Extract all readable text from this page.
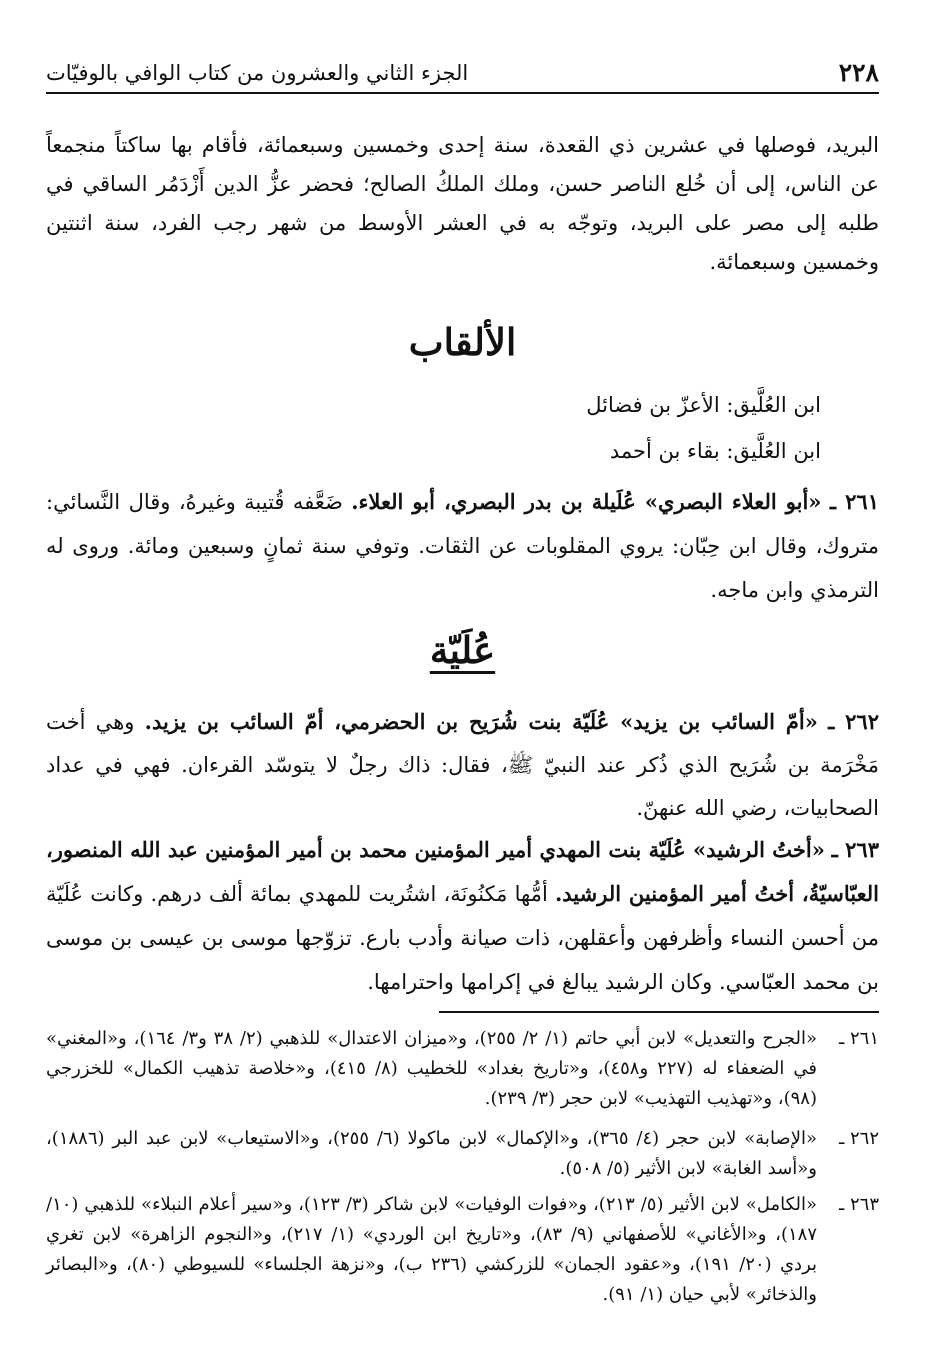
٢٢٨
الجزء الثاني والعشرون من كتاب الوافي بالوفيّات

البريد، فوصلها في عشرين ذي القعدة، سنة إحدى وخمسين وسبعمائة، فأقام بها ساكتاً منجمعاً عن الناس، إلى أن خُلع الناصر حسن، وملك الملكُ الصالح؛ فحضر عزُّ الدين أَزْدَمُر الساقي في طلبه إلى مصر على البريد، وتوجّه به في العشر الأوسط من شهر رجب الفرد، سنة اثنتين وخمسين وسبعمائة.

الألقاب

ابن العُلَّيق: الأعزّ بن فضائل

ابن العُلَّيق: بقاء بن أحمد

٢٦١ ـ «أبو العلاء البصري» عُلَيلة بن بدر البصري، أبو العلاء. ضَعَّفه قُتيبة وغيرهُ، وقال النَّسائي: متروك، وقال ابن حِبّان: يروي المقلوبات عن الثقات. وتوفي سنة ثمانٍ وسبعين ومائة. وروى له الترمذي وابن ماجه.

عُلَيّة

٢٦٢ ـ «أمّ السائب بن يزيد» عُلَيّة بنت شُرَيح بن الحضرمي، أمّ السائب بن يزيد. وهي أخت مَخْرَمة بن شُرَيح الذي ذُكر عند النبيّ ﷺ، فقال: ذاك رجلٌ لا يتوسّد القرءان. فهي في عداد الصحابيات، رضي الله عنهنّ.

٢٦٣ ـ «أختُ الرشيد» عُلَيّة بنت المهدي أمير المؤمنين محمد بن أمير المؤمنين عبد الله المنصور، العبّاسيّةُ، أختُ أمير المؤمنين الرشيد. أمُّها مَكنُونَة، اشتُريت للمهدي بمائة ألف درهم. وكانت عُلَيّة من أحسن النساء وأظرفهن وأعقلهن، ذات صيانة وأدب بارع. تزوّجها موسى بن عيسى بن موسى بن محمد العبّاسي. وكان الرشيد يبالغ في إكرامها واحترامها.

٢٦١ ـ
«الجرح والتعديل» لابن أبي حاتم (١/ ٢/ ٢٥٥)، و«ميزان الاعتدال» للذهبي (٢/ ٣٨ و٣/ ١٦٤)، و«المغني» في الضعفاء له (٢٢٧ و٤٥٨)، و«تاريخ بغداد» للخطيب (٨/ ٤١٥)، و«خلاصة تذهيب الكمال» للخزرجي (٩٨)، و«تهذيب التهذيب» لابن حجر (٣/ ٢٣٩).

٢٦٢ ـ
«الإصابة» لابن حجر (٤/ ٣٦٥)، و«الإكمال» لابن ماكولا (٦/ ٢٥٥)، و«الاستيعاب» لابن عبد البر (١٨٨٦)، و«أسد الغابة» لابن الأثير (٥/ ٥٠٨).

٢٦٣ ـ
«الكامل» لابن الأثير (٥/ ٢١٣)، و«فوات الوفيات» لابن شاكر (٣/ ١٢٣)، و«سير أعلام النبلاء» للذهبي (١٠/ ١٨٧)، و«الأغاني» للأصفهاني (٩/ ٨٣)، و«تاريخ ابن الوردي» (١/ ٢١٧)، و«النجوم الزاهرة» لابن تغري بردي (٢٠/ ١٩١)، و«عقود الجمان» للزركشي (٢٣٦ ب)، و«نزهة الجلساء» للسيوطي (٨٠)، و«البصائر والذخائر» لأبي حيان (١/ ٩١).
